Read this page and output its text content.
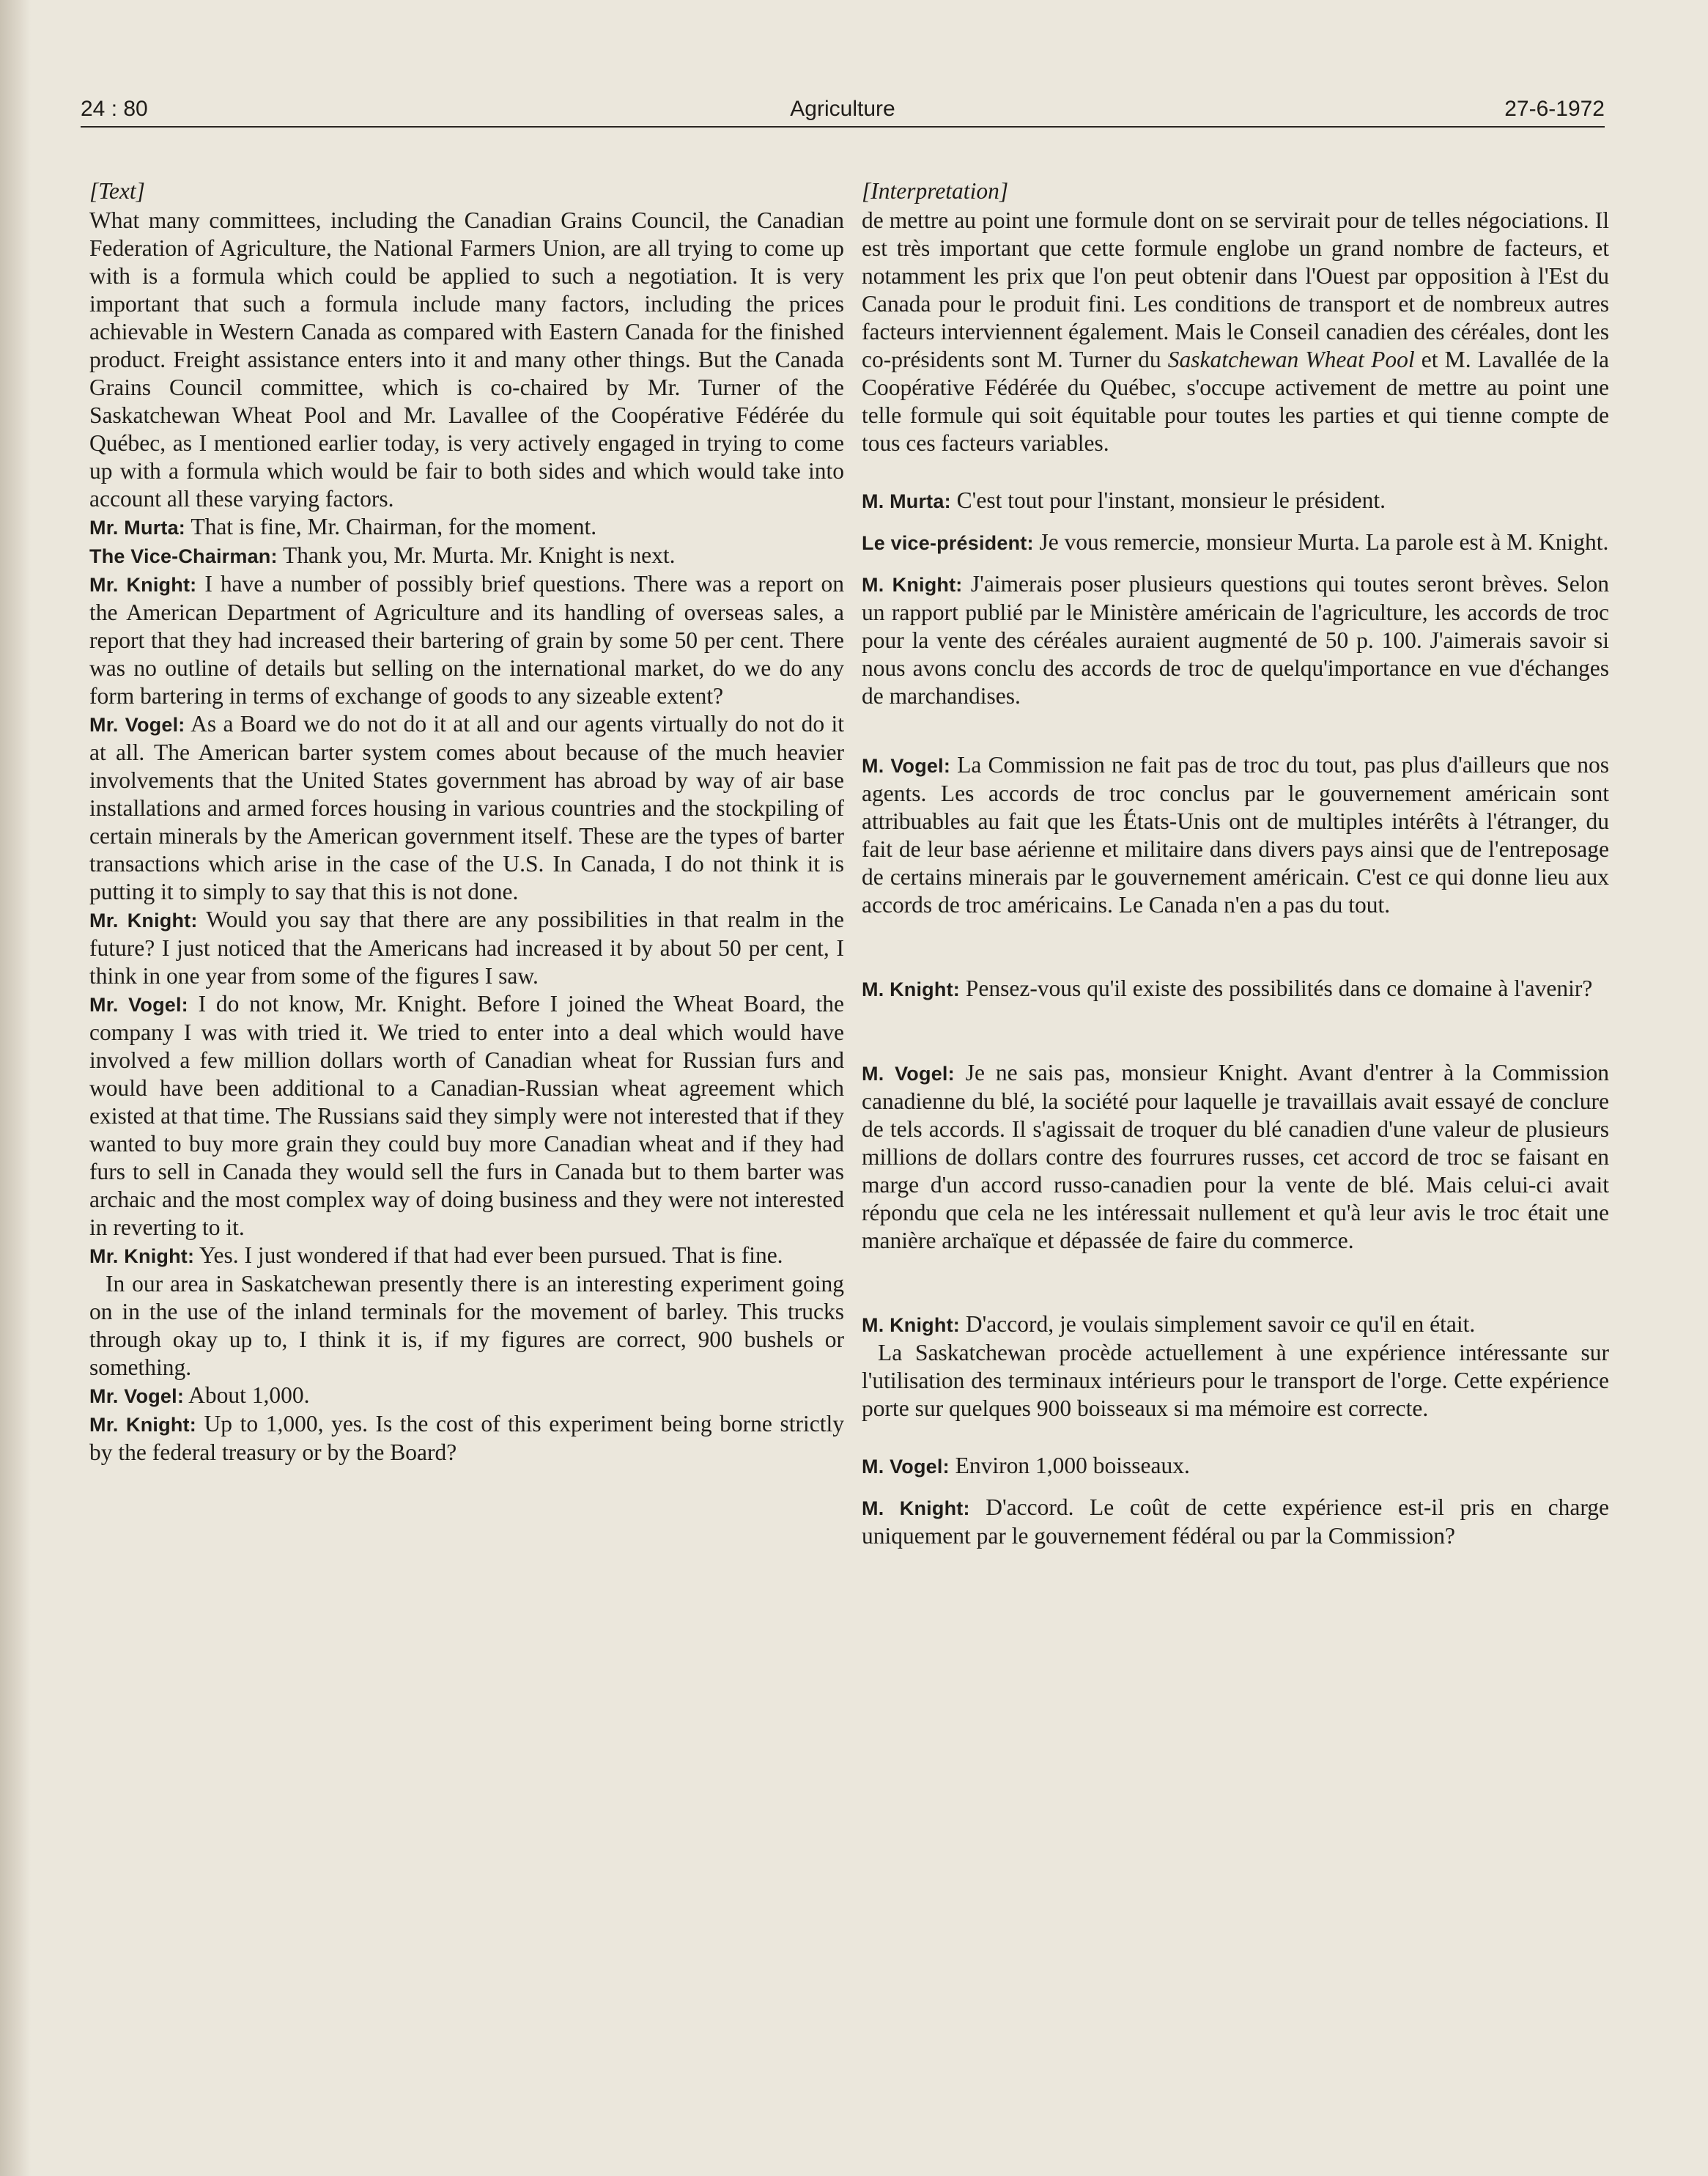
24 : 80	Agriculture	27-6-1972
[Text]

What many committees, including the Canadian Grains Council, the Canadian Federation of Agriculture, the National Farmers Union, are all trying to come up with is a formula which could be applied to such a negotiation. It is very important that such a formula include many factors, including the prices achievable in Western Canada as compared with Eastern Canada for the finished product. Freight assistance enters into it and many other things. But the Canada Grains Council committee, which is co-chaired by Mr. Turner of the Saskatchewan Wheat Pool and Mr. Lavallee of the Coopérative Fédérée du Québec, as I mentioned earlier today, is very actively engaged in trying to come up with a formula which would be fair to both sides and which would take into account all these varying factors.

Mr. Murta: That is fine, Mr. Chairman, for the moment.

The Vice-Chairman: Thank you, Mr. Murta. Mr. Knight is next.

Mr. Knight: I have a number of possibly brief questions. There was a report on the American Department of Agriculture and its handling of overseas sales, a report that they had increased their bartering of grain by some 50 per cent. There was no outline of details but selling on the international market, do we do any form bartering in terms of exchange of goods to any sizeable extent?

Mr. Vogel: As a Board we do not do it at all and our agents virtually do not do it at all. The American barter system comes about because of the much heavier involvements that the United States government has abroad by way of air base installations and armed forces housing in various countries and the stockpiling of certain minerals by the American government itself. These are the types of barter transactions which arise in the case of the U.S. In Canada, I do not think it is putting it to simply to say that this is not done.

Mr. Knight: Would you say that there are any possibilities in that realm in the future? I just noticed that the Americans had increased it by about 50 per cent, I think in one year from some of the figures I saw.

Mr. Vogel: I do not know, Mr. Knight. Before I joined the Wheat Board, the company I was with tried it. We tried to enter into a deal which would have involved a few million dollars worth of Canadian wheat for Russian furs and would have been additional to a Canadian-Russian wheat agreement which existed at that time. The Russians said they simply were not interested that if they wanted to buy more grain they could buy more Canadian wheat and if they had furs to sell in Canada they would sell the furs in Canada but to them barter was archaic and the most complex way of doing business and they were not interested in reverting to it.

Mr. Knight: Yes. I just wondered if that had ever been pursued. That is fine.

In our area in Saskatchewan presently there is an interesting experiment going on in the use of the inland terminals for the movement of barley. This trucks through okay up to, I think it is, if my figures are correct, 900 bushels or something.

Mr. Vogel: About 1,000.

Mr. Knight: Up to 1,000, yes. Is the cost of this experiment being borne strictly by the federal treasury or by the Board?

[Interpretation]

de mettre au point une formule dont on se servirait pour de telles négociations. Il est très important que cette formule englobe un grand nombre de facteurs, et notamment les prix que l'on peut obtenir dans l'Ouest par opposition à l'Est du Canada pour le produit fini. Les conditions de transport et de nombreux autres facteurs interviennent également. Mais le Conseil canadien des céréales, dont les co-présidents sont M. Turner du Saskatchewan Wheat Pool et M. Lavallée de la Coopérative Fédérée du Québec, s'occupe activement de mettre au point une telle formule qui soit équitable pour toutes les parties et qui tienne compte de tous ces facteurs variables.

M. Murta: C'est tout pour l'instant, monsieur le président.

Le vice-président: Je vous remercie, monsieur Murta. La parole est à M. Knight.

M. Knight: J'aimerais poser plusieurs questions qui toutes seront brèves. Selon un rapport publié par le Ministère américain de l'agriculture, les accords de troc pour la vente des céréales auraient augmenté de 50 p. 100. J'aimerais savoir si nous avons conclu des accords de troc de quelqu'importance en vue d'échanges de marchandises.

M. Vogel: La Commission ne fait pas de troc du tout, pas plus d'ailleurs que nos agents. Les accords de troc conclus par le gouvernement américain sont attribuables au fait que les États-Unis ont de multiples intérêts à l'étranger, du fait de leur base aérienne et militaire dans divers pays ainsi que de l'entreposage de certains minerais par le gouvernement américain. C'est ce qui donne lieu aux accords de troc américains. Le Canada n'en a pas du tout.

M. Knight: Pensez-vous qu'il existe des possibilités dans ce domaine à l'avenir?

M. Vogel: Je ne sais pas, monsieur Knight. Avant d'entrer à la Commission canadienne du blé, la société pour laquelle je travaillais avait essayé de conclure de tels accords. Il s'agissait de troquer du blé canadien d'une valeur de plusieurs millions de dollars contre des fourrures russes, cet accord de troc se faisant en marge d'un accord russo-canadien pour la vente de blé. Mais celui-ci avait répondu que cela ne les intéressait nullement et qu'à leur avis le troc était une manière archaïque et dépassée de faire du commerce.

M. Knight: D'accord, je voulais simplement savoir ce qu'il en était.

La Saskatchewan procède actuellement à une expérience intéressante sur l'utilisation des terminaux intérieurs pour le transport de l'orge. Cette expérience porte sur quelques 900 boisseaux si ma mémoire est correcte.

M. Vogel: Environ 1,000 boisseaux.

M. Knight: D'accord. Le coût de cette expérience est-il pris en charge uniquement par le gouvernement fédéral ou par la Commission?
